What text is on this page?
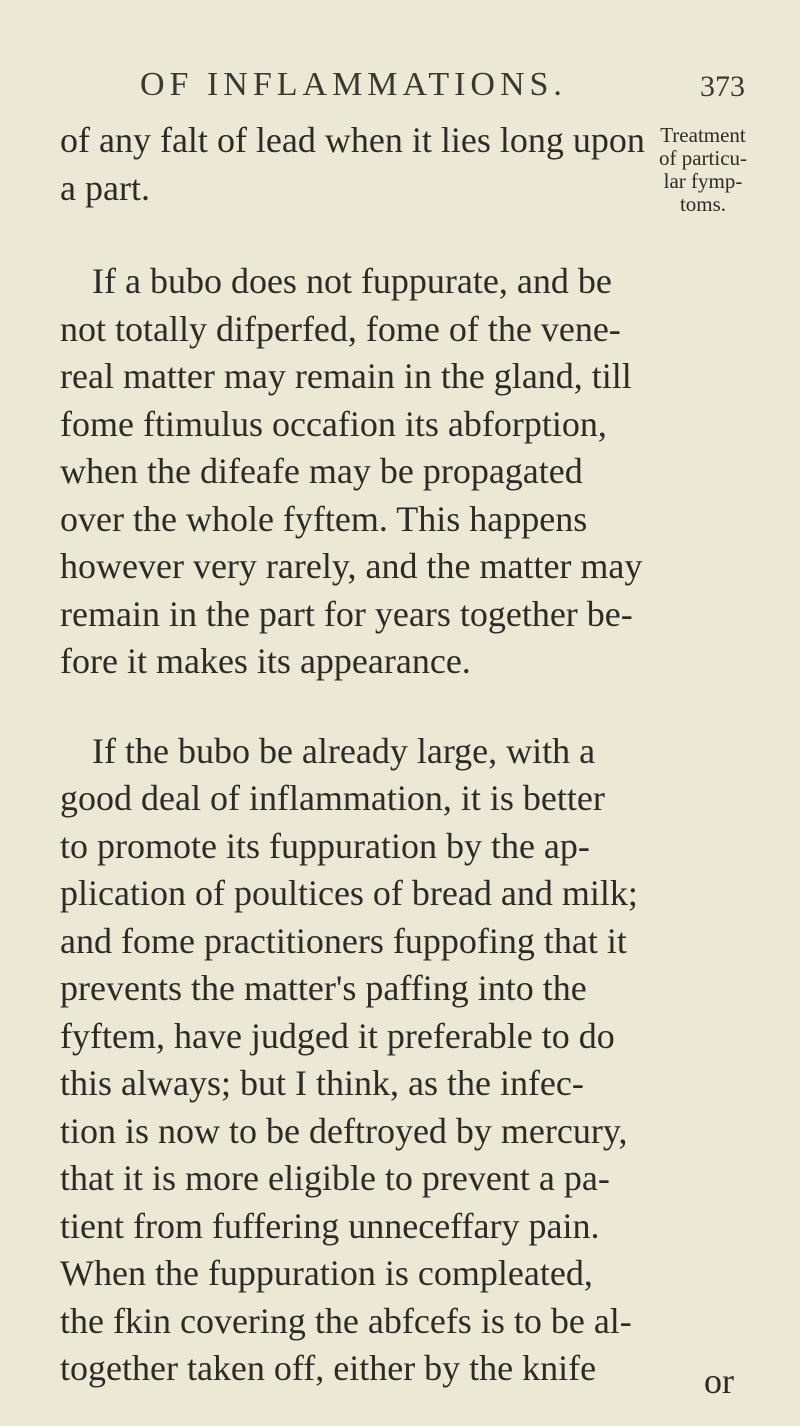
OF INFLAMMATIONS.	373
Treatment
of particu-
lar fymp-
toms.
of any falt of lead when it lies long upon
a part.
If a bubo does not fuppurate, and be
not totally difperfed, fome of the vene-
real matter may remain in the gland, till
fome ftimulus occafion its abforption,
when the difeafe may be propagated
over the whole fyftem. This happens
however very rarely, and the matter may
remain in the part for years together be-
fore it makes its appearance.
If the bubo be already large, with a
good deal of inflammation, it is better
to promote its fuppuration by the ap-
plication of poultices of bread and milk;
and fome practitioners fuppofing that it
prevents the matter's paffing into the
fyftem, have judged it preferable to do
this always; but I think, as the infec-
tion is now to be deftroyed by mercury,
that it is more eligible to prevent a pa-
tient from fuffering unneceffary pain.
When the fuppuration is compleated,
the fkin covering the abfcefs is to be al-
together taken off, either by the knife	or
